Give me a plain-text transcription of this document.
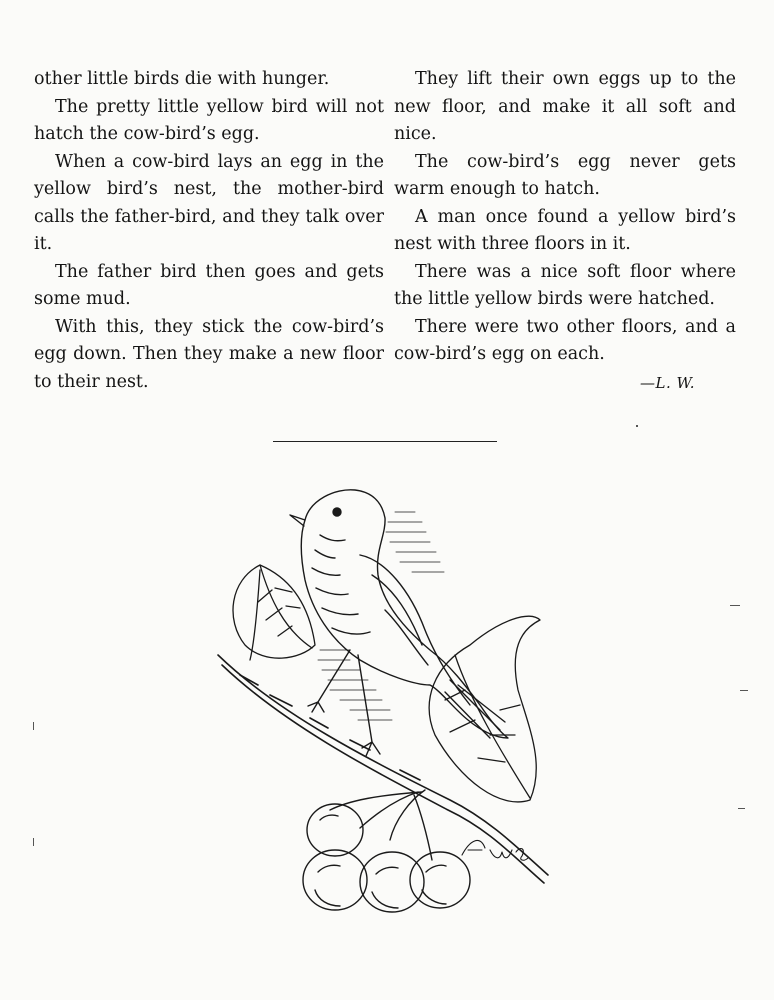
other little birds die with hunger.

The pretty little yellow bird will not hatch the cow-bird’s egg.

When a cow-bird lays an egg in the yellow bird’s nest, the mother-bird calls the father-bird, and they talk over it.

The father bird then goes and gets some mud.

With this, they stick the cow-bird’s egg down. Then they make a new floor to their nest.

They lift their own eggs up to the new floor, and make it all soft and nice.

The cow-bird’s egg never gets warm enough to hatch.

A man once found a yellow bird’s nest with three floors in it.

There was a nice soft floor where the little yellow birds were hatched.

There were two other floors, and a cow-bird’s egg on each.

—L. W.
